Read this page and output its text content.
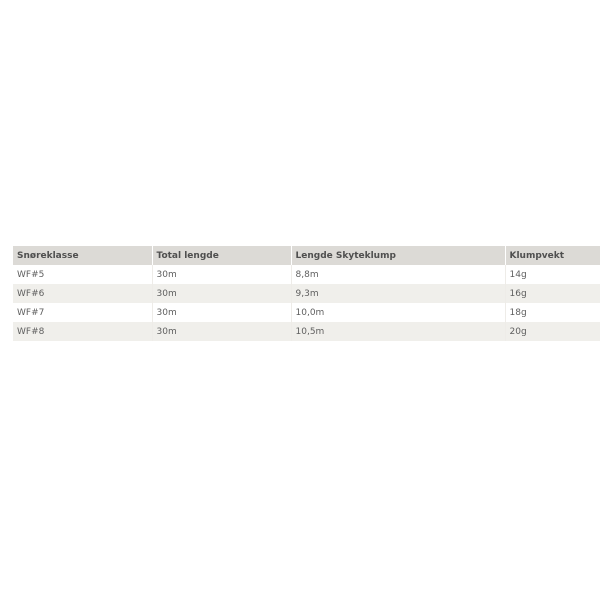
Snøreklasse	Total lengde	Lengde Skyteklump	Klumpvekt
WF#5	30m	8,8m	14g
WF#6	30m	9,3m	16g
WF#7	30m	10,0m	18g
WF#8	30m	10,5m	20g
